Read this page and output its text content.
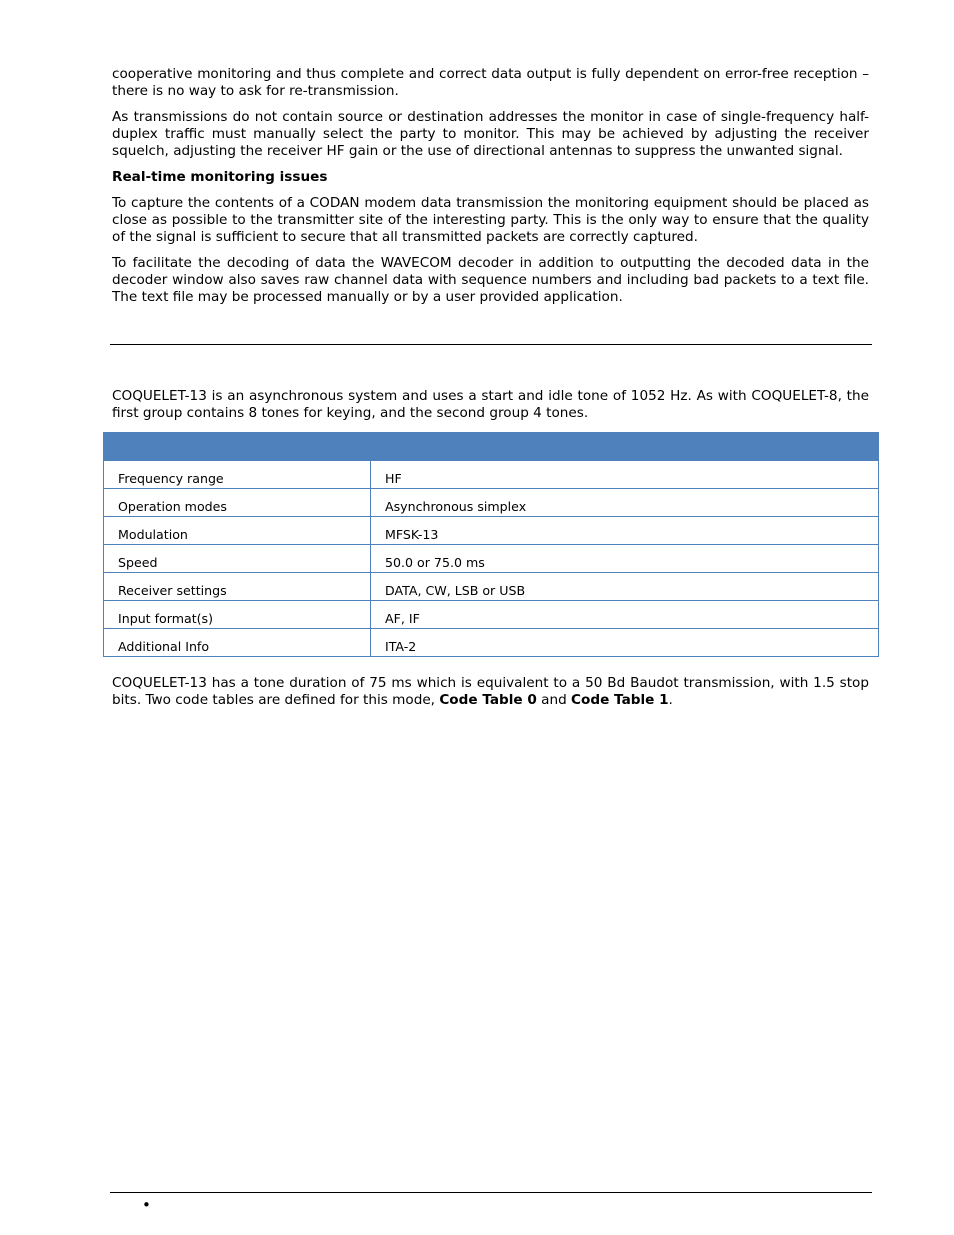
cooperative monitoring and thus complete and correct data output is fully dependent on error-free reception – there is no way to ask for re-transmission.

As transmissions do not contain source or destination addresses the monitor in case of single-frequency half-duplex traffic must manually select the party to monitor. This may be achieved by adjusting the receiver squelch, adjusting the receiver HF gain or the use of directional antennas to suppress the unwanted signal.

Real-time monitoring issues

To capture the contents of a CODAN modem data transmission the monitoring equipment should be placed as close as possible to the transmitter site of the interesting party. This is the only way to ensure that the quality of the signal is sufficient to secure that all transmitted packets are correctly captured.

To facilitate the decoding of data the WAVECOM decoder in addition to outputting the decoded data in the decoder window also saves raw channel data with sequence numbers and including bad packets to a text file. The text file may be processed manually or by a user provided application.

COQUELET-13 is an asynchronous system and uses a start and idle tone of 1052 Hz. As with COQUELET-8, the first group contains 8 tones for keying, and the second group 4 tones.

Frequency range	HF
Operation modes	Asynchronous simplex
Modulation	MFSK-13
Speed	50.0 or 75.0 ms
Receiver settings	DATA, CW, LSB or USB
Input format(s)	AF, IF
Additional Info	ITA-2

COQUELET-13 has a tone duration of 75 ms which is equivalent to a 50 Bd Baudot transmission, with 1.5 stop bits. Two code tables are defined for this mode, Code Table 0 and Code Table 1.

•
